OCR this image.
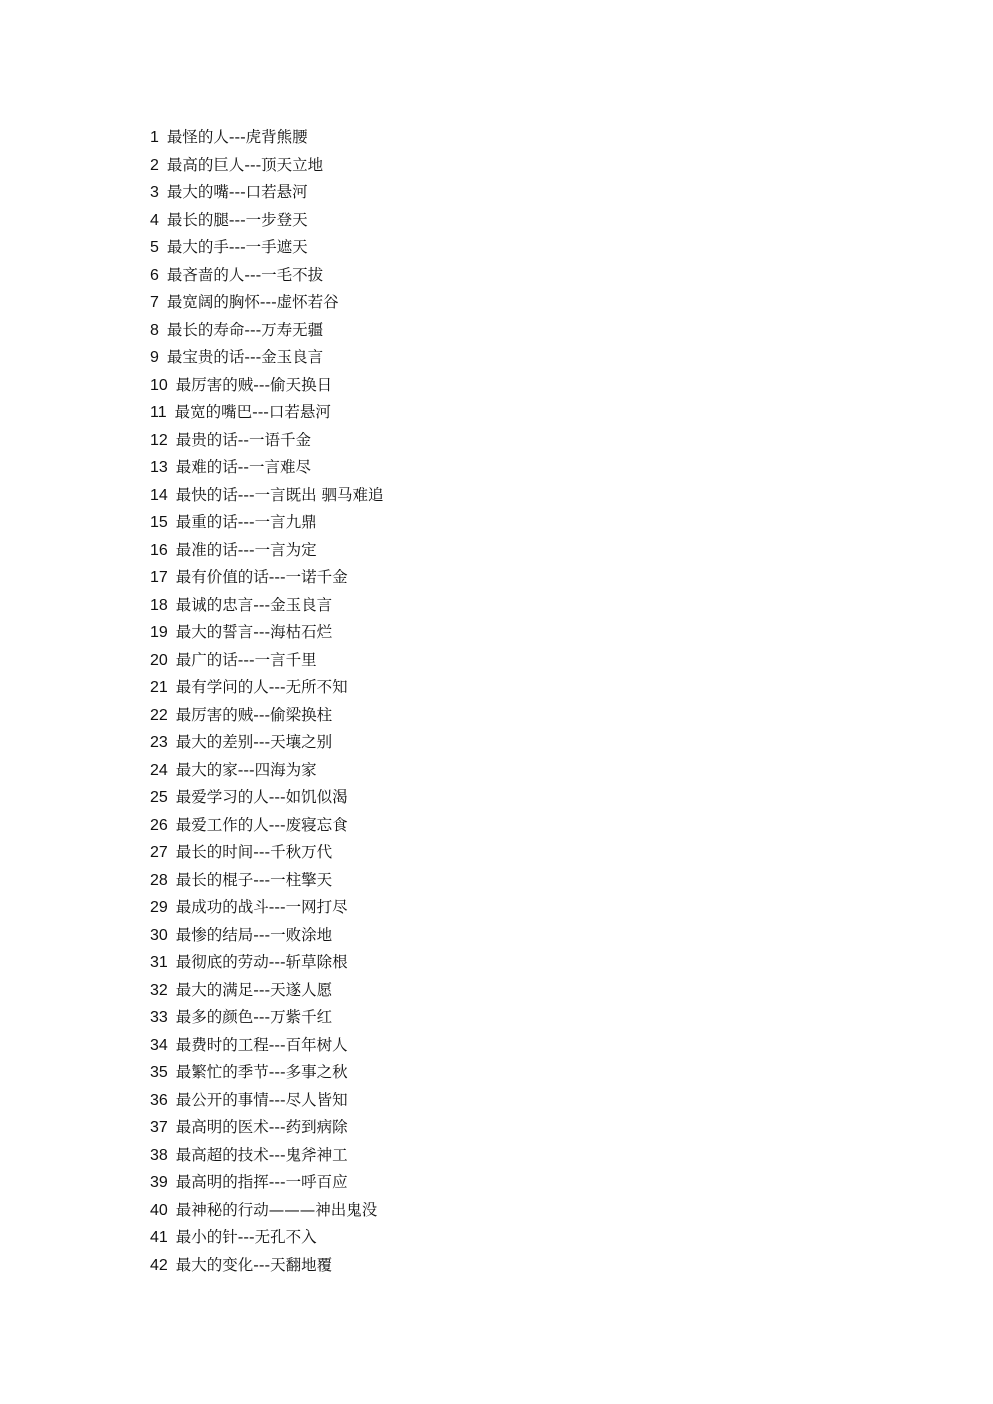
1 最怪的人---虎背熊腰
2 最高的巨人---顶天立地
3 最大的嘴---口若悬河
4 最长的腿---一步登天
5 最大的手---一手遮天
6 最吝啬的人---一毛不拔
7 最宽阔的胸怀---虚怀若谷
8 最长的寿命---万寿无疆
9 最宝贵的话---金玉良言
10 最厉害的贼---偷天换日
11 最宽的嘴巴---口若悬河
12 最贵的话--一语千金
13 最难的话--一言难尽
14 最快的话---一言既出 驷马难追
15 最重的话---一言九鼎
16 最准的话---一言为定
17 最有价值的话---一诺千金
18 最诚的忠言---金玉良言
19 最大的誓言---海枯石烂
20 最广的话---一言千里
21 最有学问的人---无所不知
22 最厉害的贼---偷梁换柱
23 最大的差别---天壤之别
24 最大的家---四海为家
25 最爱学习的人---如饥似渴
26 最爱工作的人---废寝忘食
27 最长的时间---千秋万代
28 最长的棍子---一柱擎天
29 最成功的战斗---一网打尽
30 最惨的结局---一败涂地
31 最彻底的劳动---斩草除根
32 最大的满足---天遂人愿
33 最多的颜色---万紫千红
34 最费时的工程---百年树人
35 最繁忙的季节---多事之秋
36 最公开的事情---尽人皆知
37 最高明的医术---药到病除
38 最高超的技术---鬼斧神工
39 最高明的指挥---一呼百应
40 最神秘的行动———神出鬼没
41 最小的针---无孔不入
42 最大的变化---天翻地覆
